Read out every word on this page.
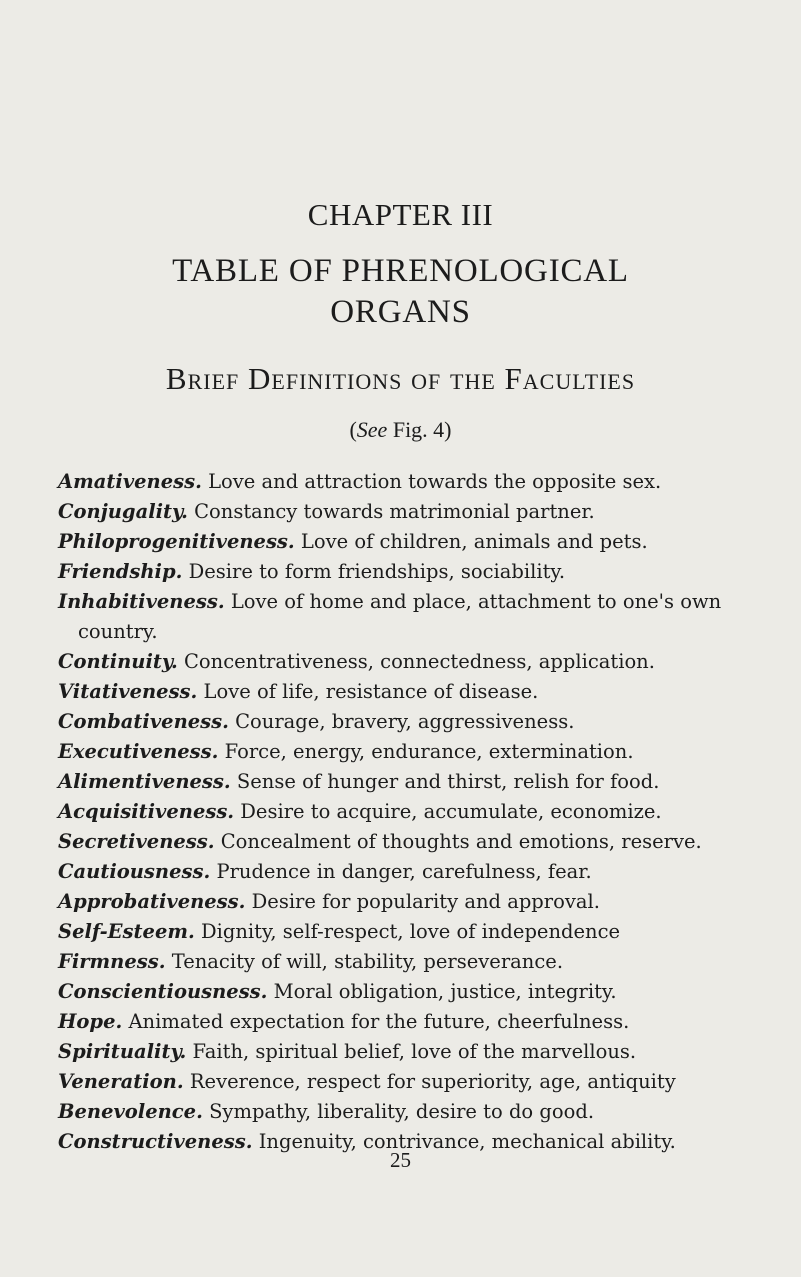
CHAPTER III
TABLE OF PHRENOLOGICAL
ORGANS
Brief Definitions of the Faculties
(See Fig. 4)
Amativeness. Love and attraction towards the opposite sex.
Conjugality. Constancy towards matrimonial partner.
Philoprogenitiveness. Love of children, animals and pets.
Friendship. Desire to form friendships, sociability.
Inhabitiveness. Love of home and place, attachment to one's own country.
Continuity. Concentrativeness, connectedness, application.
Vitativeness. Love of life, resistance of disease.
Combativeness. Courage, bravery, aggressiveness.
Executiveness. Force, energy, endurance, extermination.
Alimentiveness. Sense of hunger and thirst, relish for food.
Acquisitiveness. Desire to acquire, accumulate, economize.
Secretiveness. Concealment of thoughts and emotions, reserve.
Cautiousness. Prudence in danger, carefulness, fear.
Approbativeness. Desire for popularity and approval.
Self-Esteem. Dignity, self-respect, love of independence
Firmness. Tenacity of will, stability, perseverance.
Conscientiousness. Moral obligation, justice, integrity.
Hope. Animated expectation for the future, cheerfulness.
Spirituality. Faith, spiritual belief, love of the marvellous.
Veneration. Reverence, respect for superiority, age, antiquity
Benevolence. Sympathy, liberality, desire to do good.
Constructiveness. Ingenuity, contrivance, mechanical ability.
25
